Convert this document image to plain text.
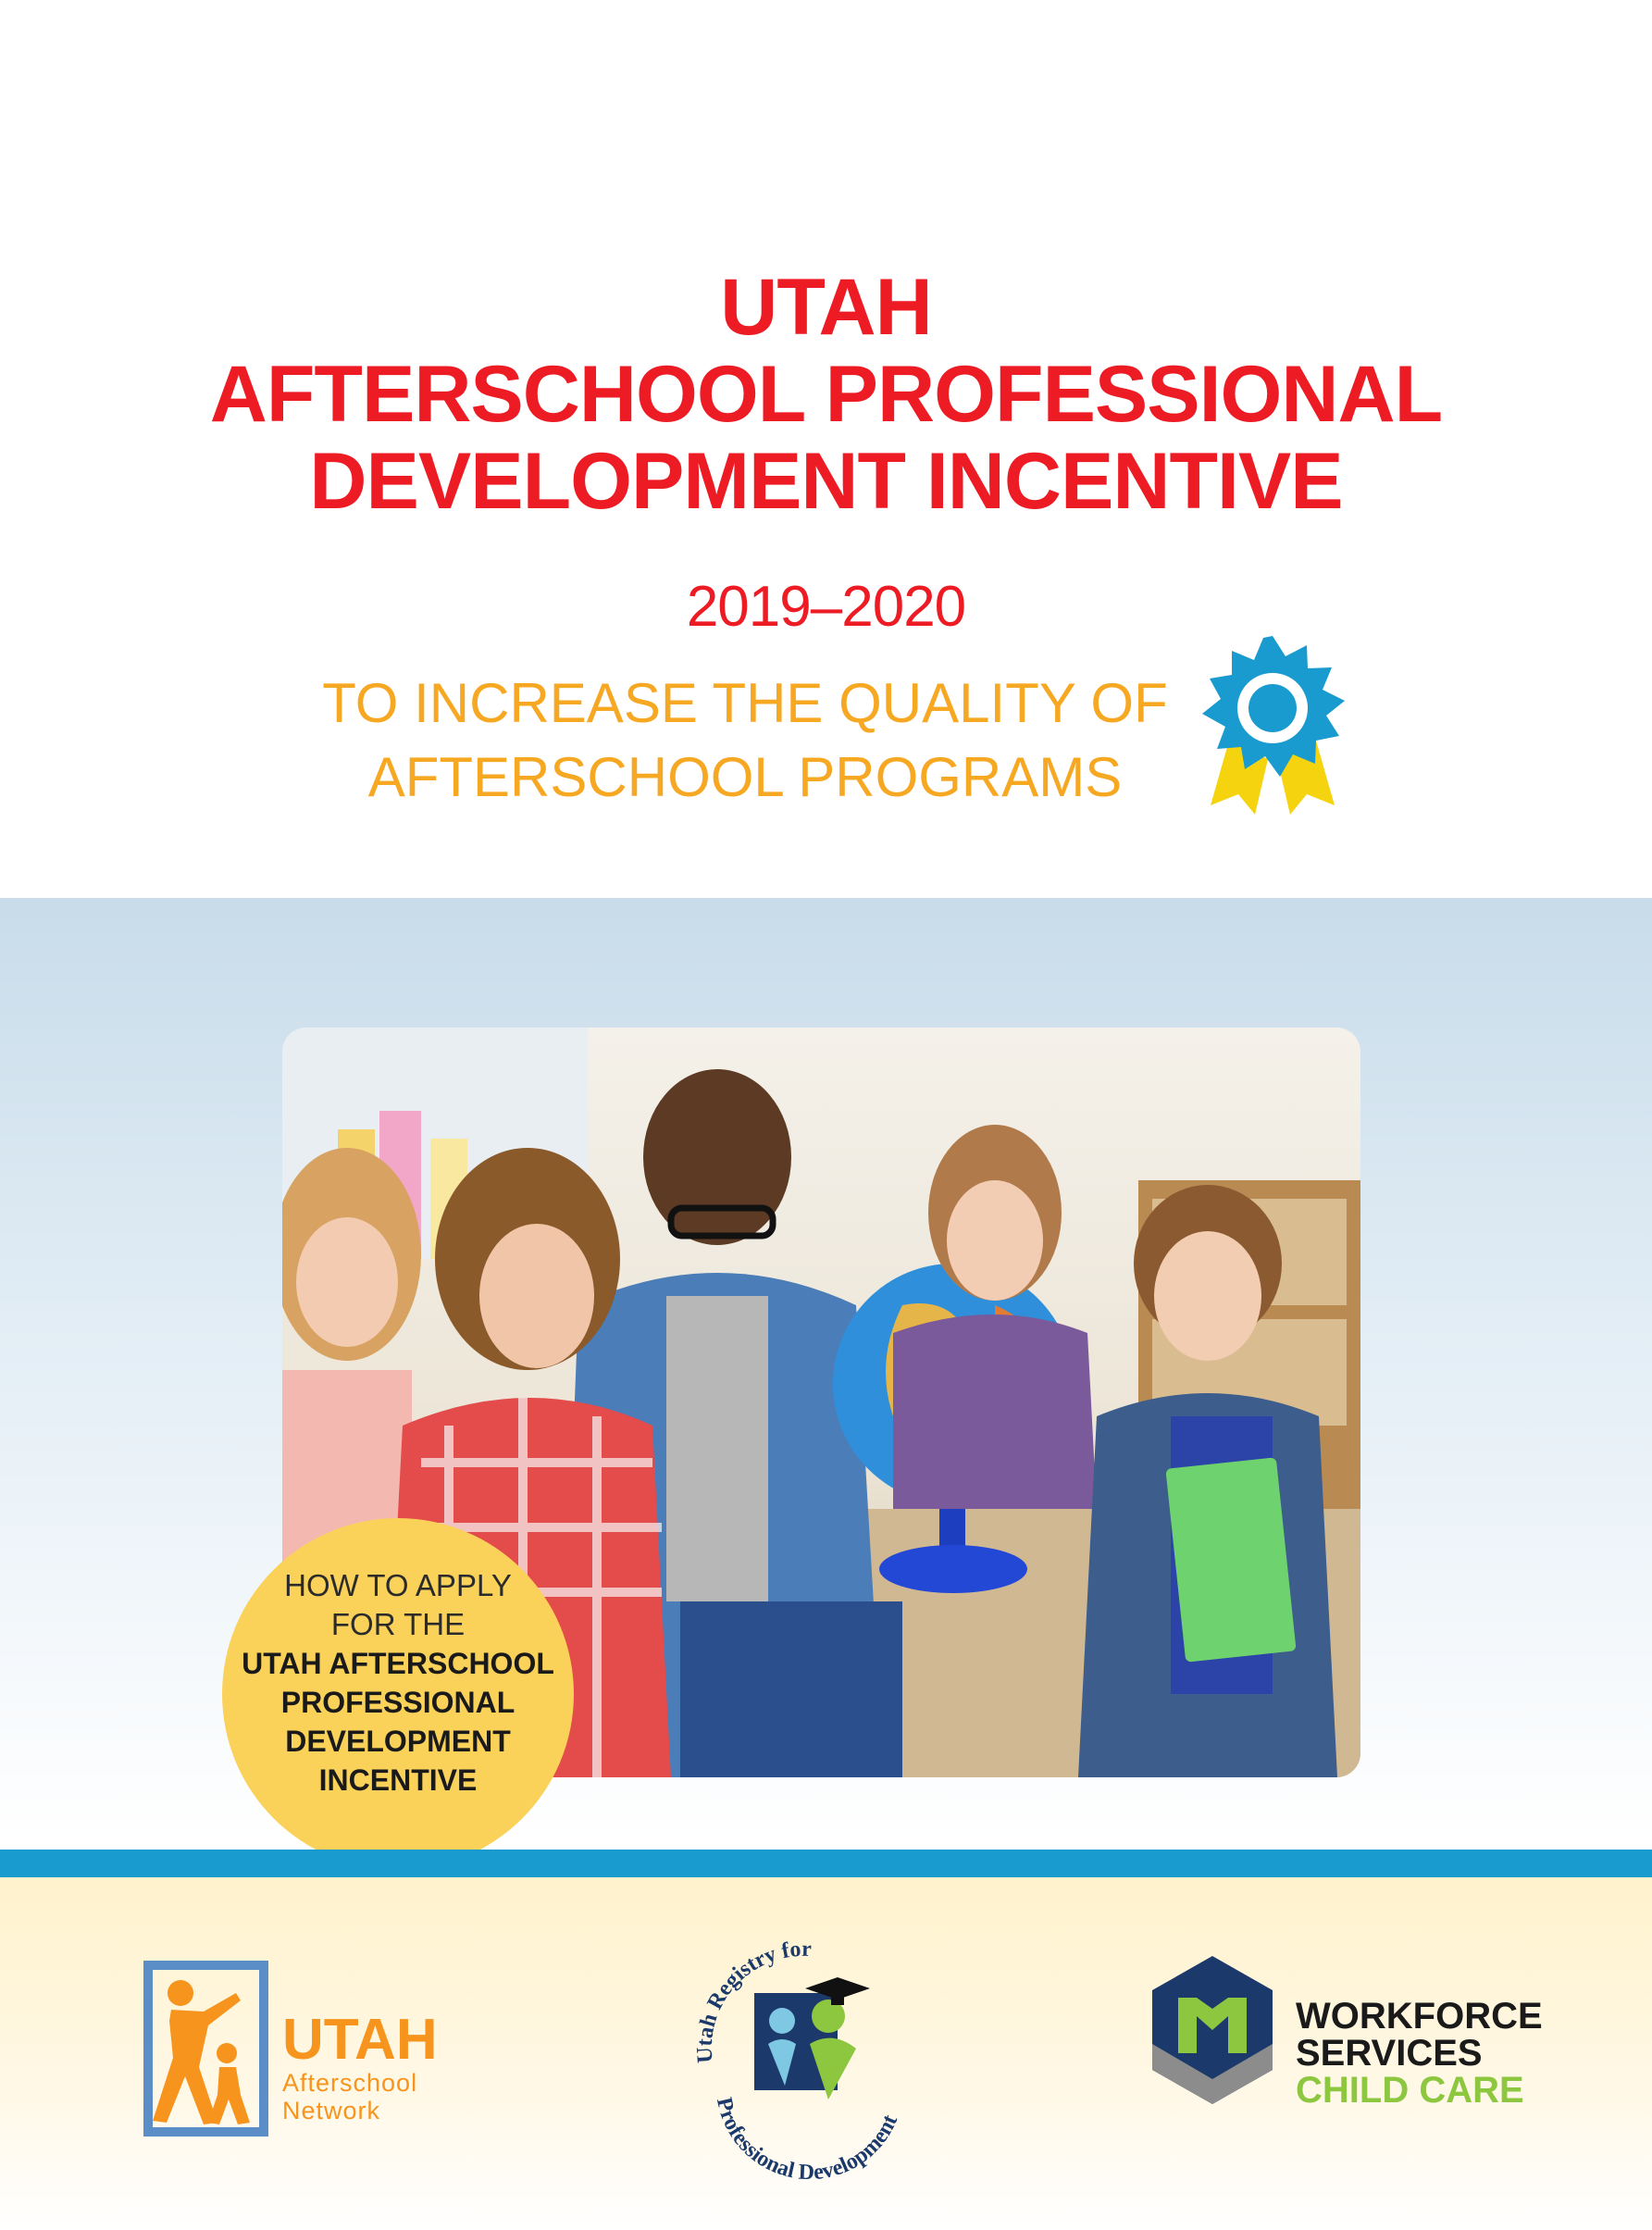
UTAH
AFTERSCHOOL PROFESSIONAL
DEVELOPMENT INCENTIVE
2019–2020
TO INCREASE THE QUALITY OF
AFTERSCHOOL PROGRAMS
HOW TO APPLY
FOR THE
UTAH AFTERSCHOOL
PROFESSIONAL
DEVELOPMENT
INCENTIVE
UTAH
Afterschool
Network
Utah Registry for
Professional Development
WORKFORCE
SERVICES
CHILD CARE
